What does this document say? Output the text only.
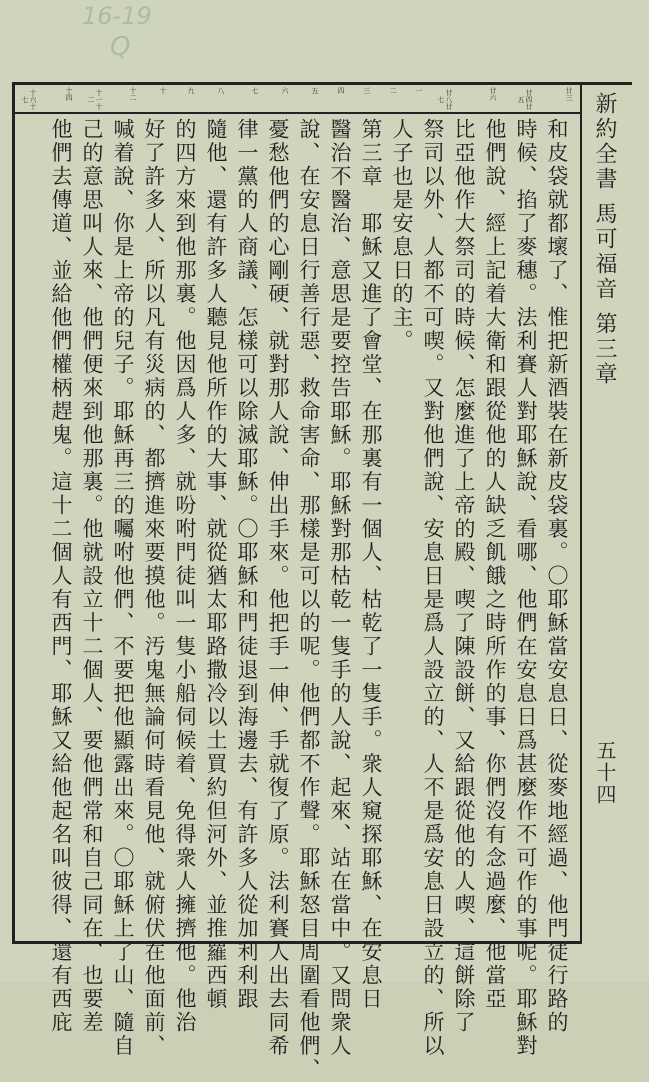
16-19
Q
十六十七	十四	十一十二	十二	十	九	八	七	六	五	四	三	二	一	廿八廿七	廿六	廿四廿五	廿三
和皮袋就都壞了、惟把新酒裝在新皮袋裏。〇耶穌當安息日、從麥地經過、他門徒行路的
時候、掐了麥穗。法利賽人對耶穌說、看哪、他們在安息日爲甚麼作不可作的事呢。耶穌對
他們說、經上記着大衛和跟從他的人缺乏飢餓之時所作的事、你們沒有念過麼、他當亞
比亞他作大祭司的時候、怎麼進了上帝的殿、喫了陳設餅、又給跟從他的人喫、這餅除了
祭司以外、人都不可喫。又對他們說、安息日是爲人設立的、人不是爲安息日設立的、所以
人子也是安息日的主。
第三章　耶穌又進了會堂、在那裏有一個人、枯乾了一隻手。衆人窺探耶穌、在安息日
醫治不醫治、意思是要控告耶穌。耶穌對那枯乾一隻手的人說、起來、站在當中。又問衆人
說、在安息日行善行惡、救命害命、那樣是可以的呢。他們都不作聲。耶穌怒目周圍看他們、
憂愁他們的心剛硬、就對那人說、伸出手來。他把手一伸、手就復了原。法利賽人出去同希
律一黨的人商議、怎樣可以除滅耶穌。〇耶穌和門徒退到海邊去、有許多人從加利利跟
隨他、還有許多人聽見他所作的大事、就從猶太耶路撒冷以土買約但河外、並推羅西頓
的四方來到他那裏。他因爲人多、就吩咐門徒叫一隻小船伺候着、免得衆人擁擠他。他治
好了許多人、所以凡有災病的、都擠進來要摸他。汚鬼無論何時看見他、就俯伏在他面前、
喊着說、你是上帝的兒子。耶穌再三的囑咐他們、不要把他顯露出來。〇耶穌上了山、隨自
己的意思叫人來、他們便來到他那裏。他就設立十二個人、要他們常和自己同在、也要差
他們去傳道、並給他們權柄趕鬼。這十二個人有西門、耶穌又給他起名叫彼得、還有西庇	新約全書 馬可福音 第三章
五十四
